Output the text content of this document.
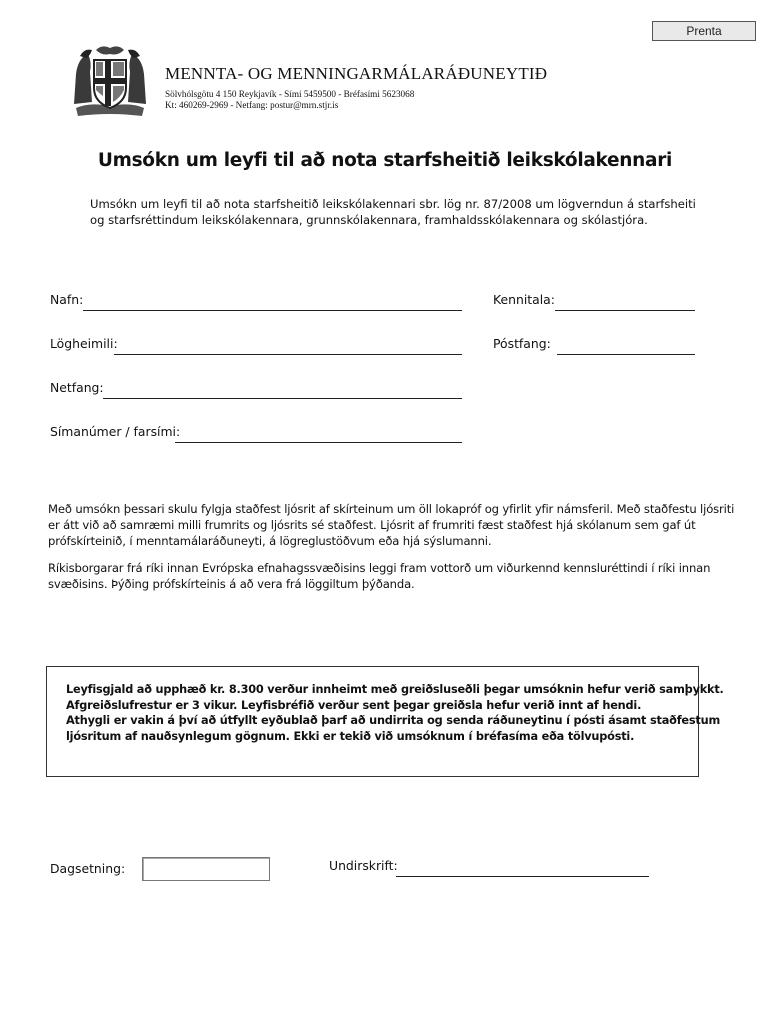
Prenta
MENNTA- OG MENNINGARMÁLARÁÐUNEYTIÐ
Sölvhólsgötu 4 150 Reykjavík - Sími 5459500 - Bréfasími 5623068
Kt: 460269-2969 - Netfang: postur@mrn.stjr.is
Umsókn um leyfi til að nota starfsheitið leikskólakennari
Umsókn um leyfi til að nota starfsheitið leikskólakennari sbr. lög nr. 87/2008 um lögverndun á starfsheiti
og starfsréttindum leikskólakennara, grunnskólakennara, framhaldsskólakennara og skólastjóra.
Nafn:	Kennitala:
Lögheimili:	Póstfang:
Netfang:
Símanúmer / farsími:
Með umsókn þessari skulu fylgja staðfest ljósrit af skírteinum um öll lokapróf og yfirlit yfir námsferil. Með staðfestu ljósriti
er átt við að samræmi milli frumrits og ljósrits sé staðfest. Ljósrit af frumriti fæst staðfest hjá skólanum sem gaf út
prófskírteinið, í menntamálaráðuneyti, á lögreglustöðvum eða hjá sýslumanni.
Ríkisborgarar frá ríki innan Evrópska efnahagssvæðisins leggi fram vottorð um viðurkennd kennsluréttindi í ríki innan
svæðisins. Þýðing prófskírteinis á að vera frá löggiltum þýðanda.
Leyfisgjald að upphæð kr. 8.300 verður innheimt með greiðsluseðli þegar umsóknin hefur verið samþykkt.
Afgreiðslufrestur er 3 vikur. Leyfisbréfið verður sent þegar greiðsla hefur verið innt af hendi.
Athygli er vakin á því að útfyllt eyðublað þarf að undirrita og senda ráðuneytinu í pósti ásamt staðfestum
ljósritum af nauðsynlegum gögnum. Ekki er tekið við umsóknum í bréfasíma eða tölvupósti.
Dagsetning:	Undirskrift:
